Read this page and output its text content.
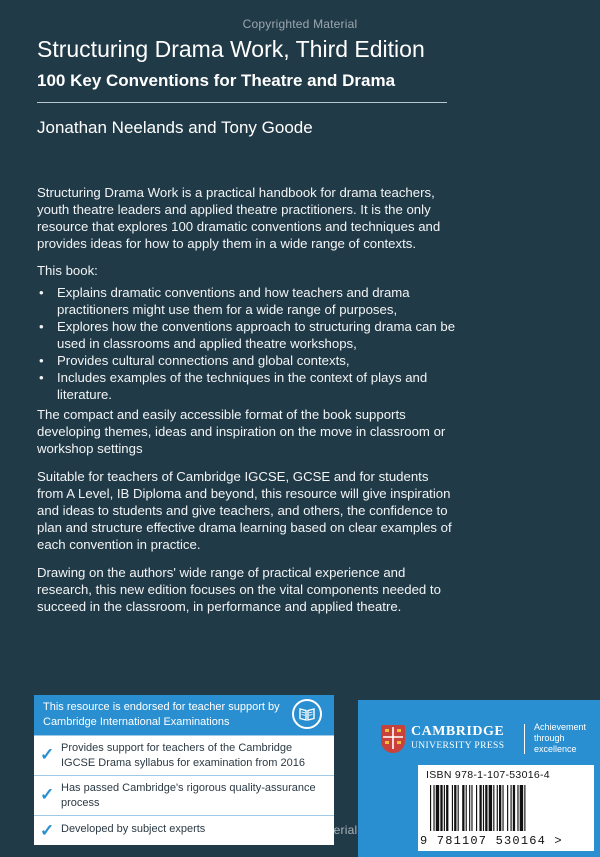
Copyrighted Material
Structuring Drama Work, Third Edition
100 Key Conventions for Theatre and Drama

Jonathan Neelands and Tony Goode

Structuring Drama Work is a practical handbook for drama teachers, youth theatre leaders and applied theatre practitioners. It is the only resource that explores 100 dramatic conventions and techniques and provides ideas for how to apply them in a wide range of contexts.

This book:

• Explains dramatic conventions and how teachers and drama practitioners might use them for a wide range of purposes,
• Explores how the conventions approach to structuring drama can be used in classrooms and applied theatre workshops,
• Provides cultural connections and global contexts,
• Includes examples of the techniques in the context of plays and literature.

The compact and easily accessible format of the book supports developing themes, ideas and inspiration on the move in classroom or workshop settings

Suitable for teachers of Cambridge IGCSE, GCSE and for students from A Level, IB Diploma and beyond, this resource will give inspiration and ideas to students and give teachers, and others, the confidence to plan and structure effective drama learning based on clear examples of each convention in practice.

Drawing on the authors' wide range of practical experience and research, this new edition focuses on the vital components needed to succeed in the classroom, in performance and applied theatre.

This resource is endorsed for teacher support by Cambridge International Examinations
✓ Provides support for teachers of the Cambridge IGCSE Drama syllabus for examination from 2016
✓ Has passed Cambridge's rigorous quality-assurance process
✓ Developed by subject experts
CAMBRIDGE
UNIVERSITY PRESS
Achievement through excellence
ISBN 978-1-107-53016-4
9 781107 530164 >
Copyrighted Material
